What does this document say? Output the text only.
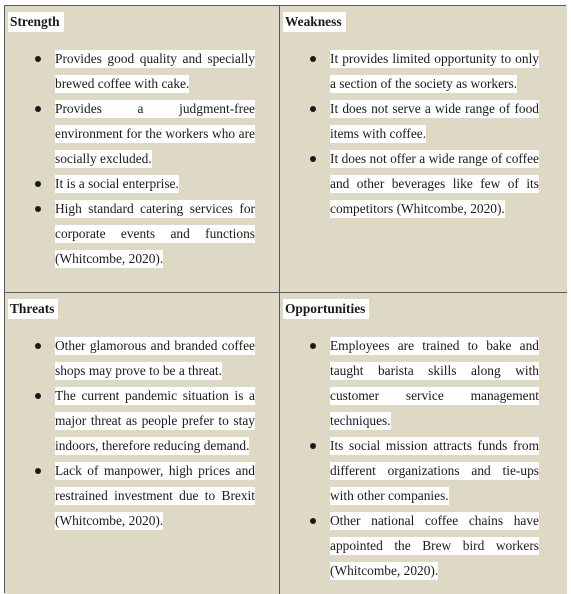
Strength
Provides good quality and specially brewed coffee with cake.
Provides a judgment-free environment for the workers who are socially excluded.
It is a social enterprise.
High standard catering services for corporate events and functions (Whitcombe, 2020).
Weakness
It provides limited opportunity to only a section of the society as workers.
It does not serve a wide range of food items with coffee.
It does not offer a wide range of coffee and other beverages like few of its competitors (Whitcombe, 2020).
Threats
Other glamorous and branded coffee shops may prove to be a threat.
The current pandemic situation is a major threat as people prefer to stay indoors, therefore reducing demand.
Lack of manpower, high prices and restrained investment due to Brexit (Whitcombe, 2020).
Opportunities
Employees are trained to bake and taught barista skills along with customer service management techniques.
Its social mission attracts funds from different organizations and tie-ups with other companies.
Other national coffee chains have appointed the Brew bird workers (Whitcombe, 2020).
